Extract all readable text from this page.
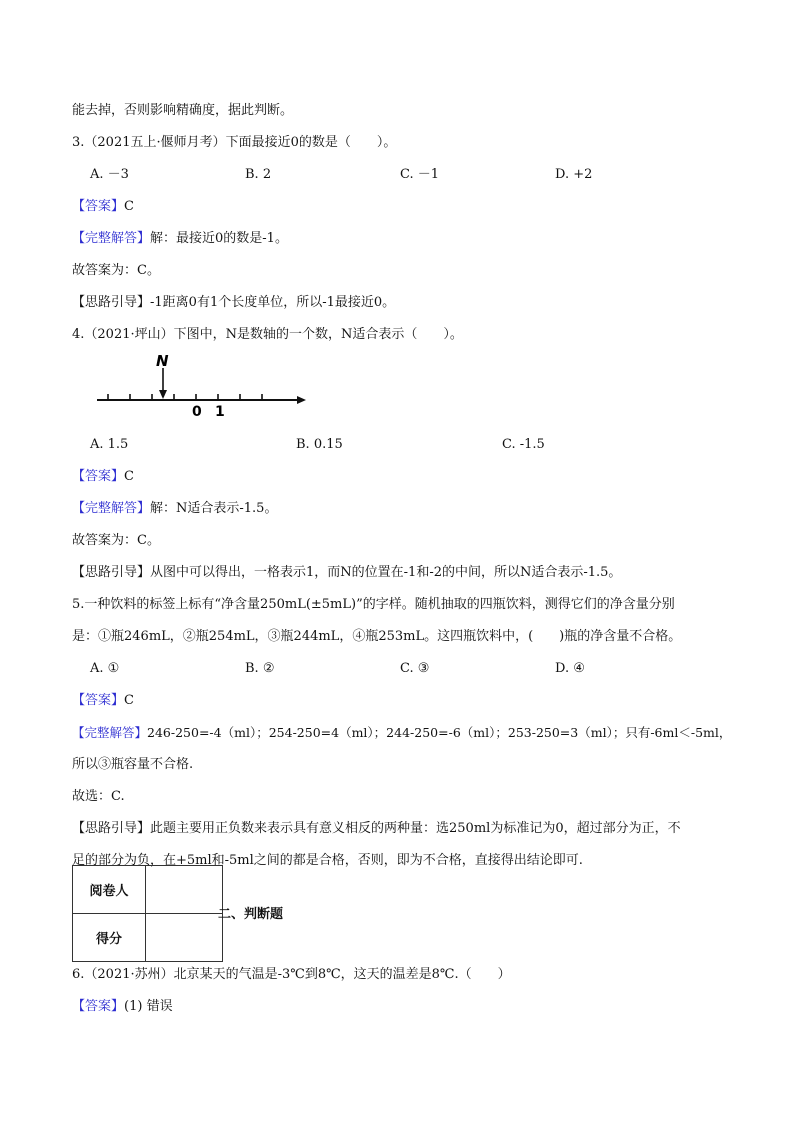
能去掉，否则影响精确度，据此判断。
3.（2021五上·偃师月考）下面最接近0的数是（　　）。
A. －3	B. 2	C. －1	D. +2
【答案】C
【完整解答】解：最接近0的数是-1。
故答案为：C。
【思路引导】-1距离0有1个长度单位，所以-1最接近0。
4.（2021·坪山）下图中，N是数轴的一个数，N适合表示（　　）。
N
0 1
A. 1.5	B. 0.15	C. -1.5
【答案】C
【完整解答】解：N适合表示-1.5。
故答案为：C。
【思路引导】从图中可以得出，一格表示1，而N的位置在-1和-2的中间，所以N适合表示-1.5。
5.一种饮料的标签上标有“净含量250mL(±5mL)”的字样。随机抽取的四瓶饮料，测得它们的净含量分别
是：①瓶246mL，②瓶254mL，③瓶244mL，④瓶253mL。这四瓶饮料中，(　　)瓶的净含量不合格。
A. ①	B. ②	C. ③	D. ④
【答案】C
【完整解答】246-250=-4（ml）；254-250=4（ml）；244-250=-6（ml）；253-250=3（ml）；只有-6ml＜-5ml，
所以③瓶容量不合格.
故选：C.
【思路引导】此题主要用正负数来表示具有意义相反的两种量：选250ml为标准记为0，超过部分为正，不
足的部分为负，在+5ml和-5ml之间的都是合格，否则，即为不合格，直接得出结论即可.
阅卷人	
得分	
二、判断题
6.（2021·苏州）北京某天的气温是-3℃到8℃，这天的温差是8℃.（　　）
【答案】(1) 错误
